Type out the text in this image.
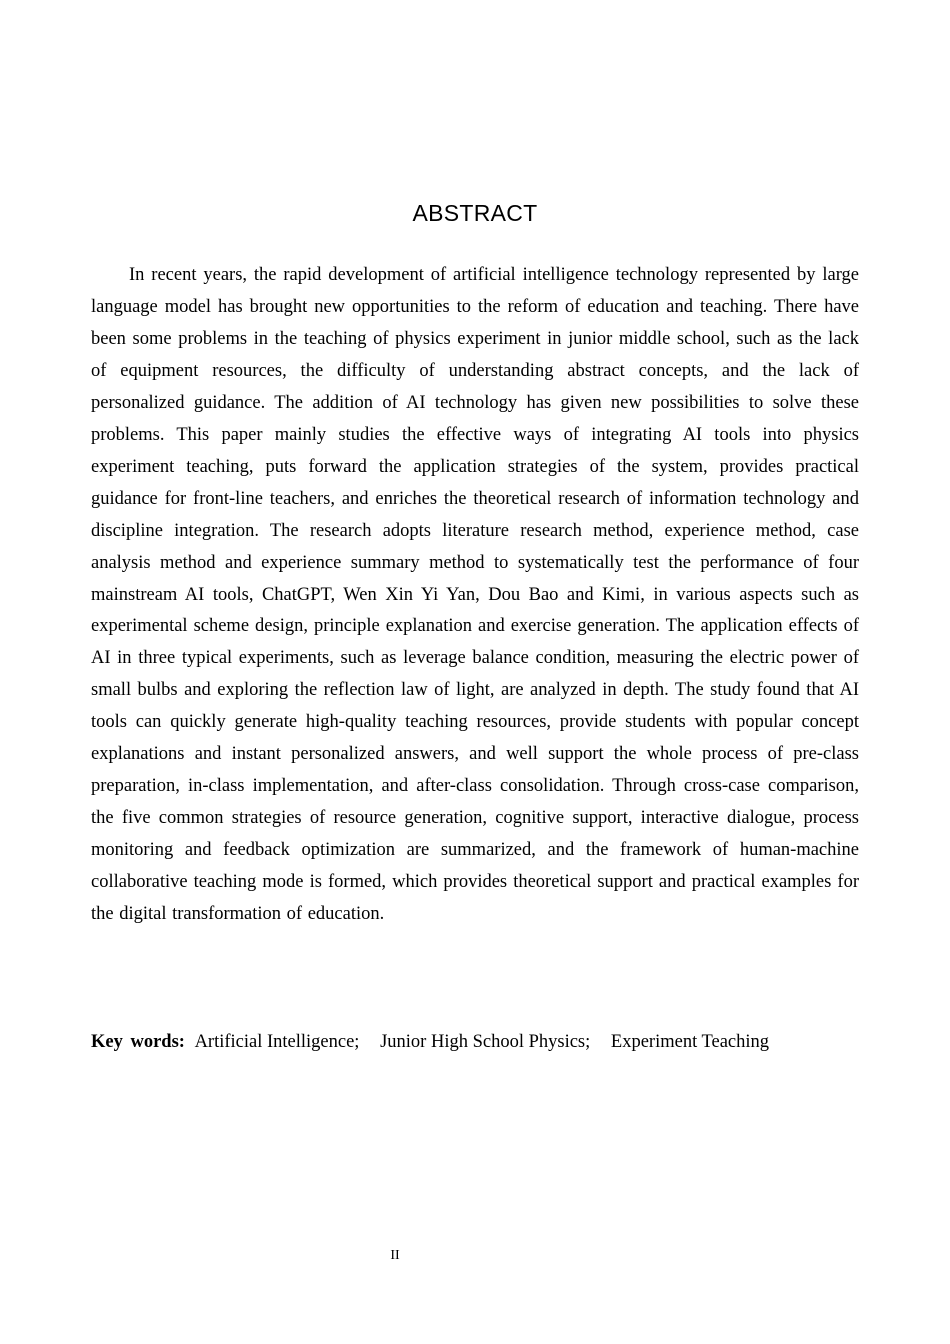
ABSTRACT

In recent years, the rapid development of artificial intelligence technology represented by large language model has brought new opportunities to the reform of education and teaching. There have been some problems in the teaching of physics experiment in junior middle school, such as the lack of equipment resources, the difficulty of understanding abstract concepts, and the lack of personalized guidance. The addition of AI technology has given new possibilities to solve these problems. This paper mainly studies the effective ways of integrating AI tools into physics experiment teaching, puts forward the application strategies of the system, provides practical guidance for front-line teachers, and enriches the theoretical research of information technology and discipline integration. The research adopts literature research method, experience method, case analysis method and experience summary method to systematically test the performance of four mainstream AI tools, ChatGPT, Wen Xin Yi Yan, Dou Bao and Kimi, in various aspects such as experimental scheme design, principle explanation and exercise generation. The application effects of AI in three typical experiments, such as leverage balance condition, measuring the electric power of small bulbs and exploring the reflection law of light, are analyzed in depth. The study found that AI tools can quickly generate high-quality teaching resources, provide students with popular concept explanations and instant personalized answers, and well support the whole process of pre-class preparation, in-class implementation, and after-class consolidation. Through cross-case comparison, the five common strategies of resource generation, cognitive support, interactive dialogue, process monitoring and feedback optimization are summarized, and the framework of human-machine collaborative teaching mode is formed, which provides theoretical support and practical examples for the digital transformation of education.

Key words: Artificial Intelligence; Junior High School Physics; Experiment Teaching
II
